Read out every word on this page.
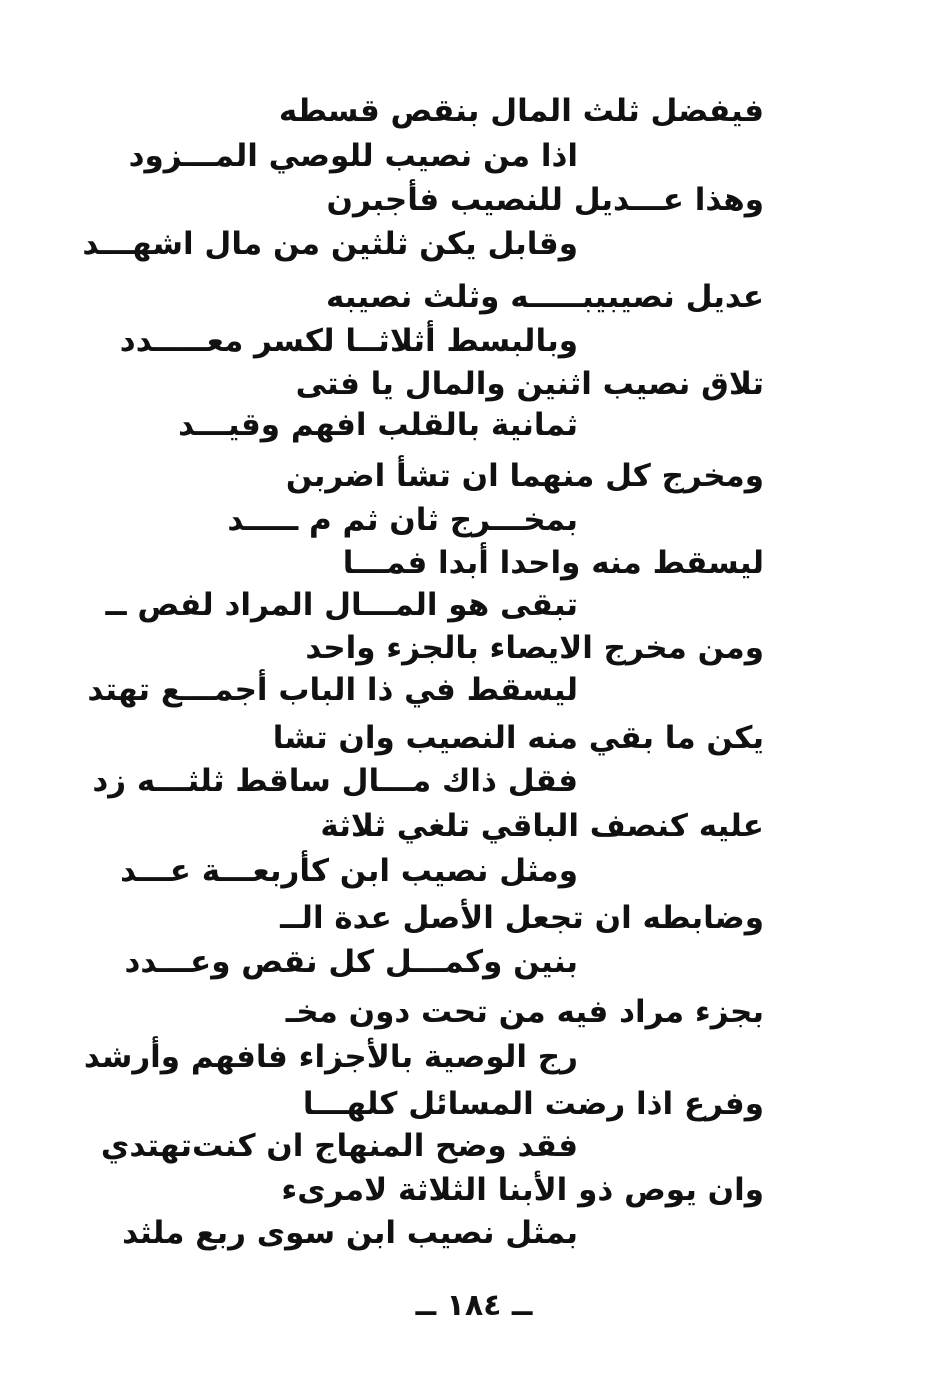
فيفضل ثلث المال بنقص قسطه
اذا من نصيب للوصي المـــزود
وهذا عـــديل للنصيب فأجبرن
وقابل يكن ثلثين من مال اشهـــد
عديل نصيبيبـــــه وثلث نصيبه
وبالبسط أثلاثــا لكسر معـــــدد
تلاق نصيب اثنين والمال يا فتى
ثمانية بالقلب افهم وقيـــد
ومخرج كل منهما ان تشأ اضربن
بمخـــرج ثان ثم م ـــــد
ليسقط منه واحدا أبدا فمـــا
تبقى هو المـــال المراد لفص ــ
ومن مخرج الايصاء بالجزء واحد
ليسقط في ذا الباب أجمـــع تهتد
يكن ما بقي منه النصيب وان تشا
فقل ذاك مـــال ساقط ثلثـــه زد
عليه كنصف الباقي تلغي ثلاثة
ومثل نصيب ابن كأربعـــة عـــد
وضابطه ان تجعل الأصل عدة الــ
بنين وكمـــل كل نقص وعـــدد
بجزء مراد فيه من تحت دون مخـ
رج الوصية بالأجزاء فافهم وأرشد
وفرع اذا رضت المسائل كلهـــا
فقد وضح المنهاج ان كنت‌تهتدي
وان يوص ذو الأبنا الثلاثة لامرىء
بمثل نصيب ابن سوى ربع ملثد
ــ ١٨٤ ــ
